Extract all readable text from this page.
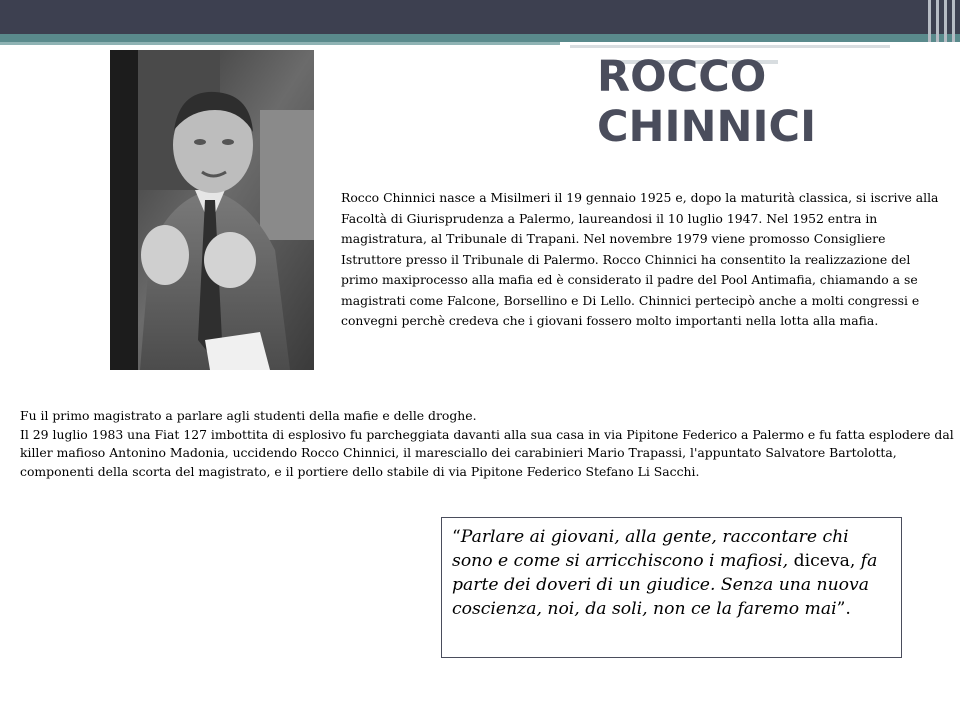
ROCCO CHINNICI
Rocco Chinnici nasce a Misilmeri il 19 gennaio 1925 e, dopo la maturità classica, si iscrive alla Facoltà di Giurisprudenza a Palermo, laureandosi il 10 luglio 1947. Nel 1952 entra in magistratura, al Tribunale di Trapani. Nel novembre 1979 viene promosso Consigliere Istruttore presso il Tribunale di Palermo. Rocco Chinnici ha consentito la realizzazione del primo maxiprocesso alla mafia ed è considerato il padre del Pool Antimafia, chiamando a se magistrati come Falcone, Borsellino e Di Lello. Chinnici pertecipò anche a molti congressi e convegni perchè credeva che i giovani fossero molto importanti nella lotta alla mafia.
Fu il primo magistrato a parlare agli studenti della mafie e delle droghe.
Il 29 luglio 1983 una Fiat 127 imbottita di esplosivo fu parcheggiata davanti alla sua casa in via Pipitone Federico a Palermo e fu fatta esplodere dal killer mafioso Antonino Madonia, uccidendo Rocco Chinnici, il maresciallo dei carabinieri Mario Trapassi, l'appuntato Salvatore Bartolotta, componenti della scorta del magistrato, e il portiere dello stabile di via Pipitone Federico Stefano Li Sacchi.
“Parlare ai giovani, alla gente, raccontare chi sono e come si arricchiscono i mafiosi, diceva, fa parte dei doveri di un giudice. Senza una nuova coscienza, noi, da soli, non ce la faremo mai”.
